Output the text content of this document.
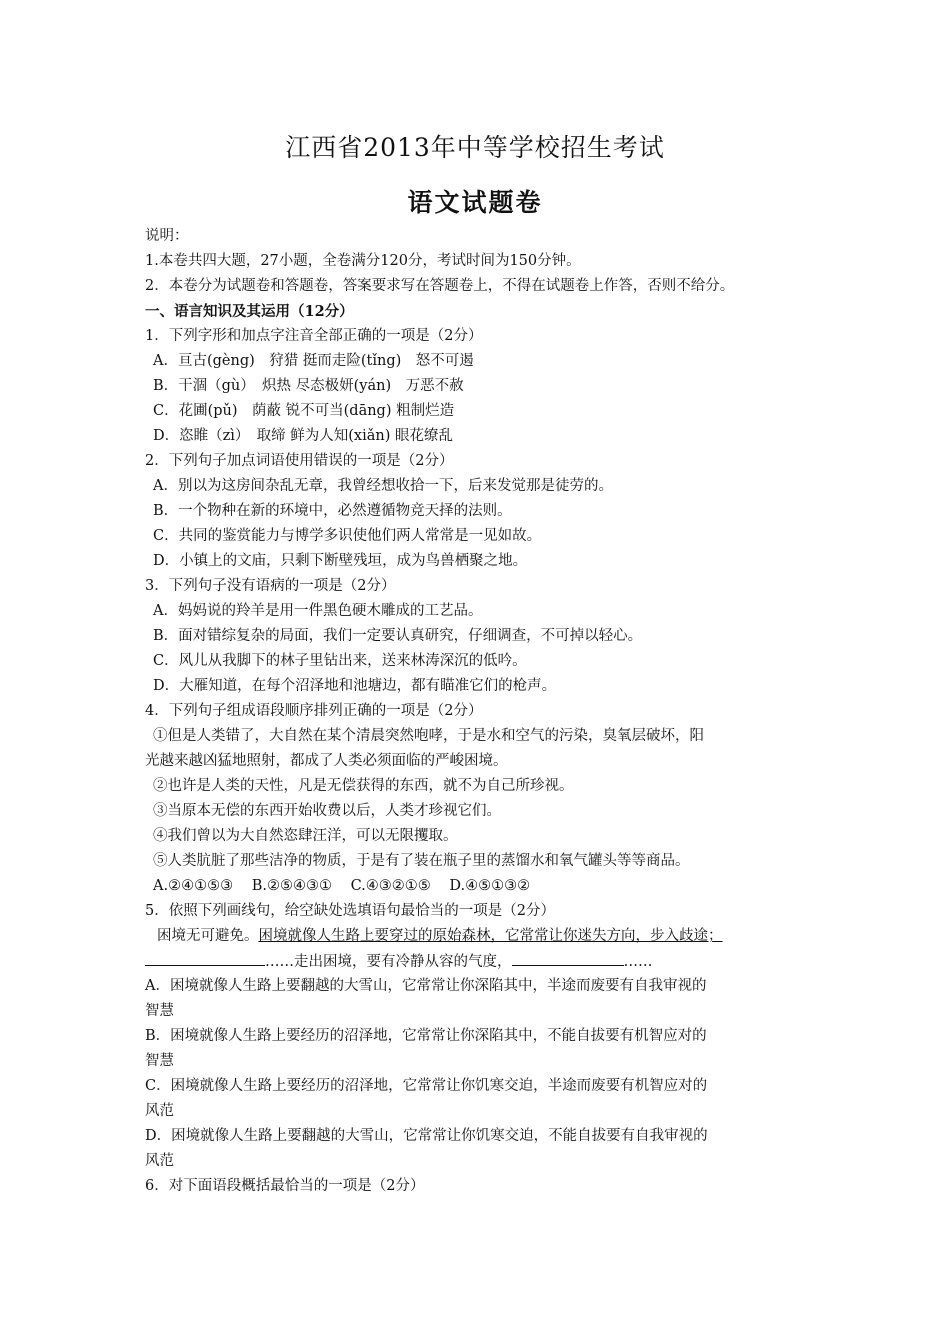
江西省2013年中等学校招生考试
语文试题卷
说明：
1.本卷共四大题，27小题，全卷满分120分，考试时间为150分钟。
2．本卷分为试题卷和答题卷，答案要求写在答题卷上，不得在试题卷上作答，否则不给分。
一、语言知识及其运用（12分）
1．下列字形和加点字注音全部正确的一项是（2分）
A．亘古(gèng)　狩猎 挺而走险(tǐng)　怒不可遏
B．干涸（gù）　炽热 尽态极妍(yán)　万恶不赦
C．花圃(pǔ)　荫蔽 锐不可当(dāng) 粗制烂造
D．恣睢（zì）　取缔 鲜为人知(xiǎn) 眼花缭乱
2．下列句子加点词语使用错误的一项是（2分）
A．别以为这房间杂乱无章，我曾经想收拾一下，后来发觉那是徒劳的。
B．一个物种在新的环境中，必然遵循物竞天择的法则。
C．共同的鉴赏能力与博学多识使他们两人常常是一见如故。
D．小镇上的文庙，只剩下断壁残垣，成为鸟兽栖聚之地。
3．下列句子没有语病的一项是（2分）
A．妈妈说的羚羊是用一件黑色硬木雕成的工艺品。
B．面对错综复杂的局面，我们一定要认真研究，仔细调查，不可掉以轻心。
C．风儿从我脚下的林子里钻出来，送来林涛深沉的低吟。
D．大雁知道，在每个沼泽地和池塘边，都有瞄准它们的枪声。
4．下列句子组成语段顺序排列正确的一项是（2分）
①但是人类错了，大自然在某个清晨突然咆哮，于是水和空气的污染，臭氧层破坏，阳
光越来越凶猛地照射，都成了人类必须面临的严峻困境。
②也许是人类的天性，凡是无偿获得的东西，就不为自己所珍视。
③当原本无偿的东西开始收费以后，人类才珍视它们。
④我们曾以为大自然恣肆汪洋，可以无限攫取。
⑤人类肮脏了那些洁净的物质，于是有了装在瓶子里的蒸馏水和氧气罐头等等商品。
A.②④①⑤③ B.②⑤④③① C.④③②①⑤ D.④⑤①③②
5．依照下列画线句，给空缺处选填语句最恰当的一项是（2分）
困境无可避免。困境就像人生路上要穿过的原始森林，它常常让你迷失方向，步入歧途；
……走出困境，要有冷静从容的气度，	……
A．困境就像人生路上要翻越的大雪山，它常常让你深陷其中，半途而废要有自我审视的
智慧
B．困境就像人生路上要经历的沼泽地，它常常让你深陷其中，不能自拔要有机智应对的
智慧
C．困境就像人生路上要经历的沼泽地，它常常让你饥寒交迫，半途而废要有机智应对的
风范
D．困境就像人生路上要翻越的大雪山，它常常让你饥寒交迫，不能自拔要有自我审视的
风范
6．对下面语段概括最恰当的一项是（2分）
